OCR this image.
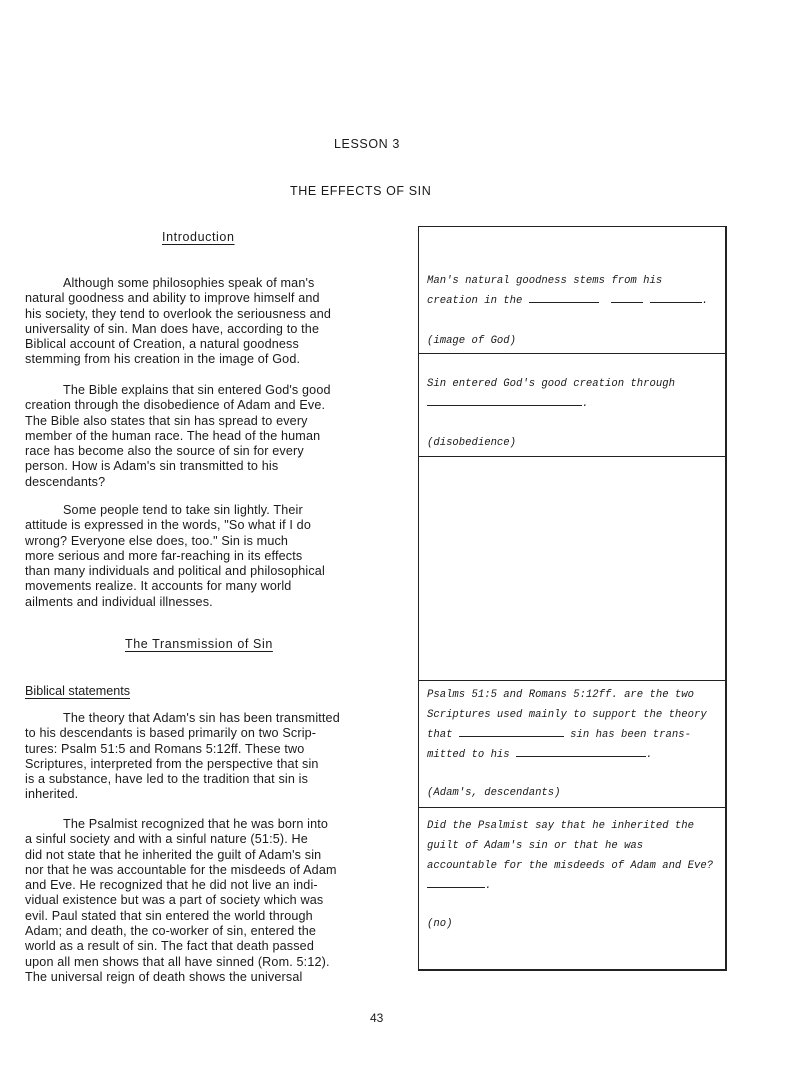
LESSON 3
THE EFFECTS OF SIN
Introduction
Although some philosophies speak of man's
natural goodness and ability to improve himself and
his society, they tend to overlook the seriousness and
universality of sin. Man does have, according to the
Biblical account of Creation, a natural goodness
stemming from his creation in the image of God.
The Bible explains that sin entered God's good
creation through the disobedience of Adam and Eve.
The Bible also states that sin has spread to every
member of the human race. The head of the human
race has become also the source of sin for every
person. How is Adam's sin transmitted to his
descendants?
Some people tend to take sin lightly. Their
attitude is expressed in the words, "So what if I do
wrong? Everyone else does, too." Sin is much
more serious and more far-reaching in its effects
than many individuals and political and philosophical
movements realize. It accounts for many world
ailments and individual illnesses.
The Transmission of Sin
Biblical statements
The theory that Adam's sin has been transmitted
to his descendants is based primarily on two Scrip-
tures: Psalm 51:5 and Romans 5:12ff. These two
Scriptures, interpreted from the perspective that sin
is a substance, have led to the tradition that sin is
inherited.
The Psalmist recognized that he was born into
a sinful society and with a sinful nature (51:5). He
did not state that he inherited the guilt of Adam's sin
nor that he was accountable for the misdeeds of Adam
and Eve. He recognized that he did not live an indi-
vidual existence but was a part of society which was
evil. Paul stated that sin entered the world through
Adam; and death, the co-worker of sin, entered the
world as a result of sin. The fact that death passed
upon all men shows that all have sinned (Rom. 5:12).
The universal reign of death shows the universal
Man's natural goodness stems from his
creation in the	.
(image of God)
Sin entered God's good creation through
.
(disobedience)
Psalms 51:5 and Romans 5:12ff. are the two
Scriptures used mainly to support the theory
that	sin has been trans-
mitted to his	.
(Adam's, descendants)
Did the Psalmist say that he inherited the
guilt of Adam's sin or that he was
accountable for the misdeeds of Adam and Eve?
.
(no)
43
